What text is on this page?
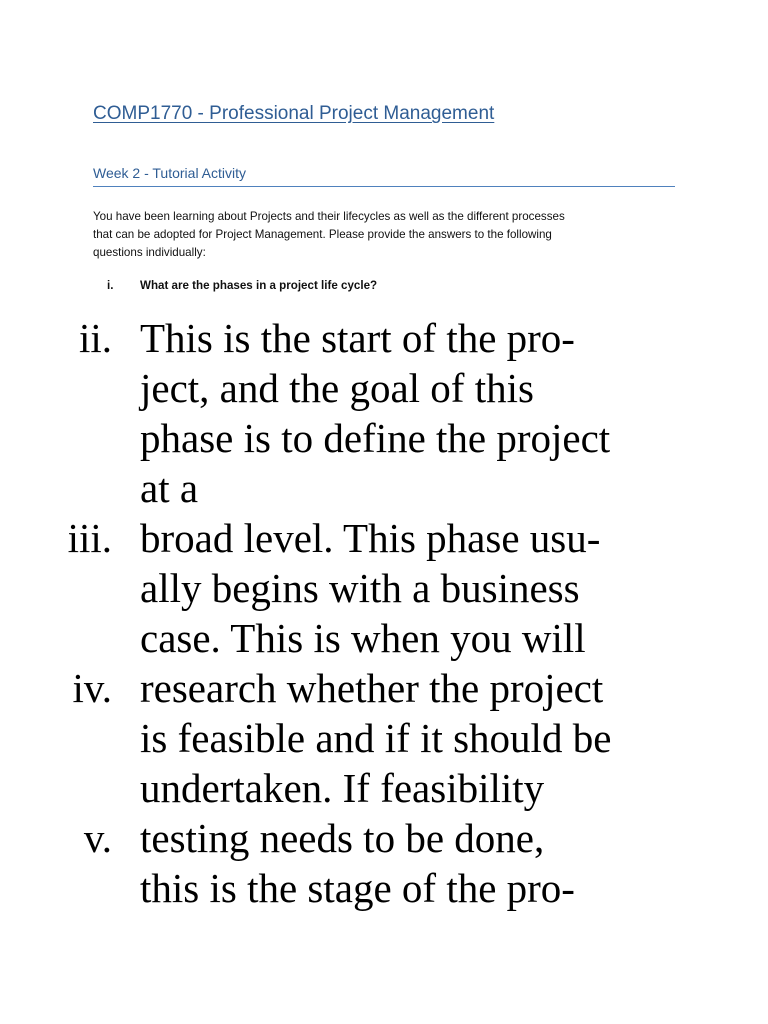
COMP1770 - Professional Project Management
Week 2 - Tutorial Activity
You have been learning about Projects and their lifecycles as well as the different processes
that can be adopted for Project Management. Please provide the answers to the following
questions individually:
i. What are the phases in a project life cycle?
ii. This is the start of the pro-
ject, and the goal of this
phase is to define the project
at a
iii. broad level. This phase usu-
ally begins with a business
case. This is when you will
iv. research whether the project
is feasible and if it should be
undertaken. If feasibility
v. testing needs to be done,
this is the stage of the pro-
